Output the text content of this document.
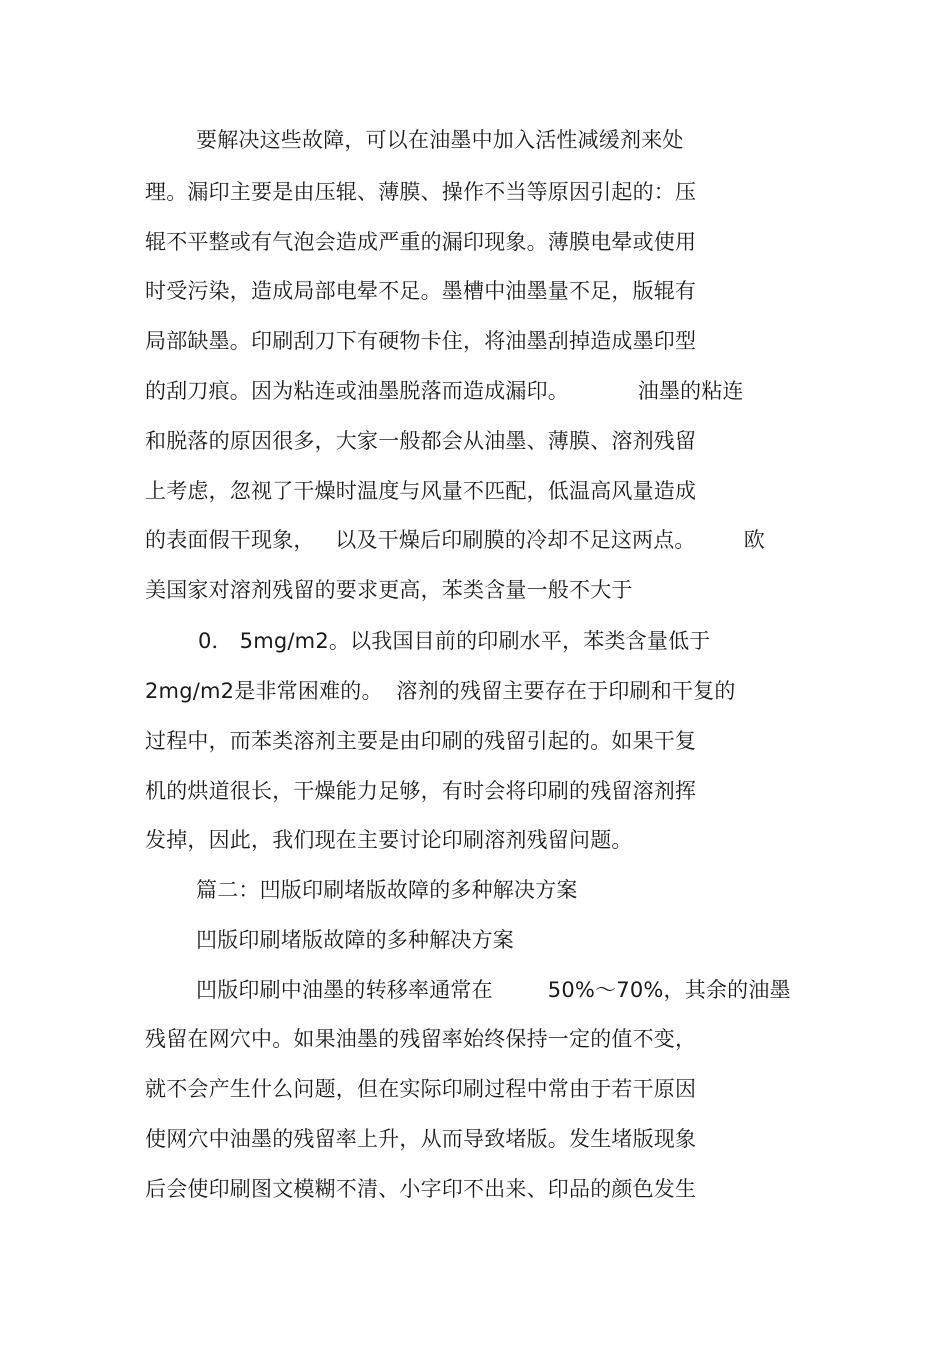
要解决这些故障，可以在油墨中加入活性减缓剂来处
理。漏印主要是由压辊、薄膜、操作不当等原因引起的：压
辊不平整或有气泡会造成严重的漏印现象。薄膜电晕或使用
时受污染，造成局部电晕不足。墨槽中油墨量不足，版辊有
局部缺墨。印刷刮刀下有硬物卡住，将油墨刮掉造成墨印型
的刮刀痕。因为粘连或油墨脱落而造成漏印。          油墨的粘连
和脱落的原因很多，大家一般都会从油墨、薄膜、溶剂残留
上考虑，忽视了干燥时温度与风量不匹配，低温高风量造成
的表面假干现象，   以及干燥后印刷膜的冷却不足这两点。       欧
美国家对溶剂残留的要求更高，苯类含量一般不大于
0． 5mg/m2。以我国目前的印刷水平，苯类含量低于
2mg/m2是非常困难的。  溶剂的残留主要存在于印刷和干复的
过程中，而苯类溶剂主要是由印刷的残留引起的。如果干复
机的烘道很长，干燥能力足够，有时会将印刷的残留溶剂挥
发掉，因此，我们现在主要讨论印刷溶剂残留问题。
篇二：凹版印刷堵版故障的多种解决方案
凹版印刷堵版故障的多种解决方案
凹版印刷中油墨的转移率通常在        50%～70%，其余的油墨
残留在网穴中。如果油墨的残留率始终保持一定的值不变，
就不会产生什么问题，但在实际印刷过程中常由于若干原因
使网穴中油墨的残留率上升，从而导致堵版。发生堵版现象
后会使印刷图文模糊不清、小字印不出来、印品的颜色发生
